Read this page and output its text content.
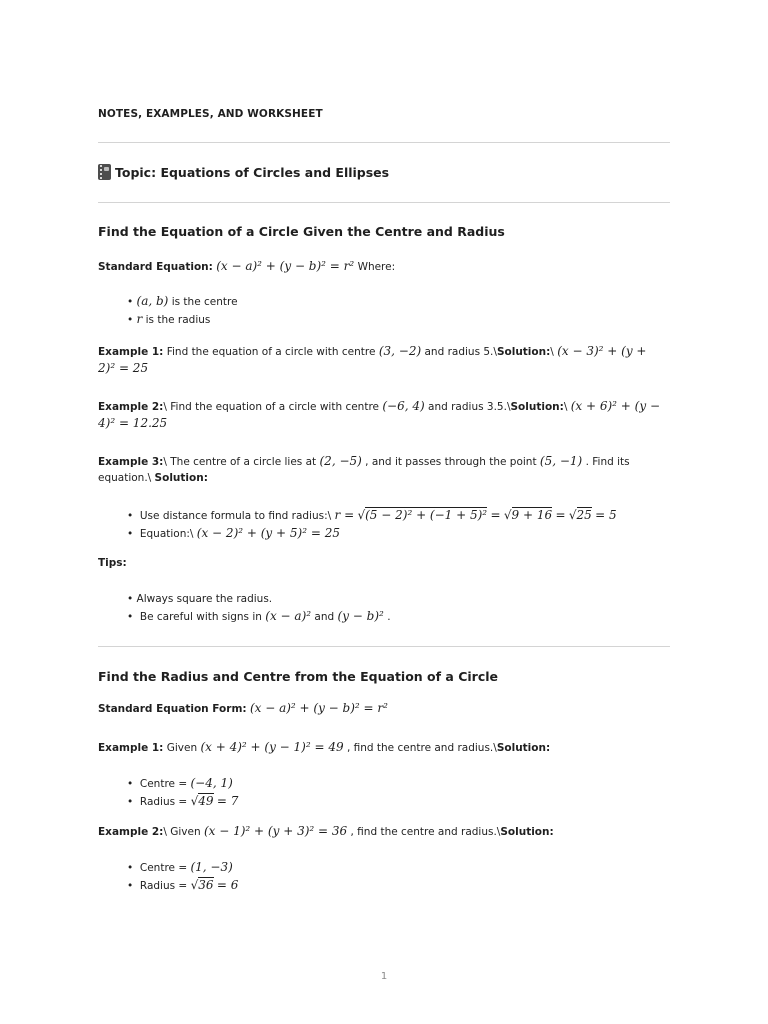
NOTES, EXAMPLES, AND WORKSHEET
Topic: Equations of Circles and Ellipses
Find the Equation of a Circle Given the Centre and Radius
Standard Equation: (x − a)² + (y − b)² = r² Where:
• (a, b) is the centre
• r is the radius
Example 1: Find the equation of a circle with centre (3, −2) and radius 5.\Solution:\ (x − 3)² + (y +
2)² = 25
Example 2:\ Find the equation of a circle with centre (−6, 4) and radius 3.5.\Solution:\ (x + 6)² + (y −
4)² = 12.25
Example 3:\ The centre of a circle lies at (2, −5) , and it passes through the point (5, −1) . Find its
equation.\ Solution:
• Use distance formula to find radius:\ r = √(5 − 2)² + (−1 + 5)² = √9 + 16 = √25 = 5
• Equation:\ (x − 2)² + (y + 5)² = 25
Tips:
• Always square the radius.
• Be careful with signs in (x − a)² and (y − b)² .
Find the Radius and Centre from the Equation of a Circle
Standard Equation Form: (x − a)² + (y − b)² = r²
Example 1: Given (x + 4)² + (y − 1)² = 49 , find the centre and radius.\Solution:
• Centre = (−4, 1)
• Radius = √49 = 7
Example 2:\ Given (x − 1)² + (y + 3)² = 36 , find the centre and radius.\Solution:
• Centre = (1, −3)
• Radius = √36 = 6
1
